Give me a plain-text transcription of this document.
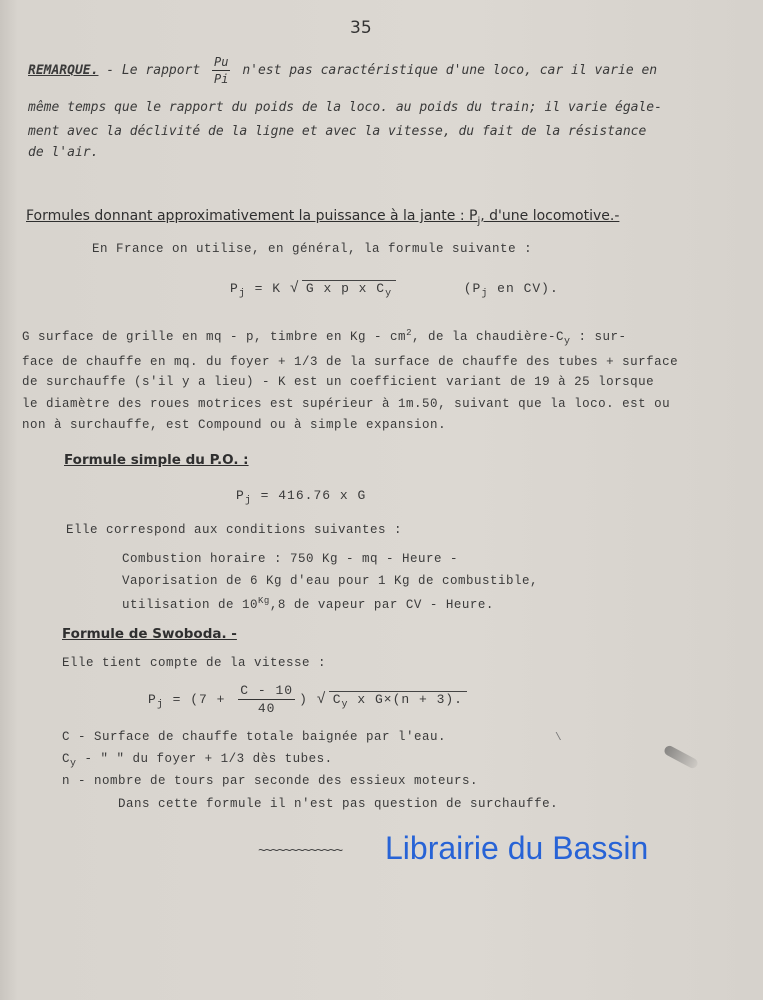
35
REMARQUE. - Le rapport $\frac{Pu}{Pi} n'est$ pas caractéristique d'une loco, car il varie en
même temps que le rapport du poids de la loco. au poids du train; il varie égale-
ment avec la déclivité de la ligne et avec la vitesse, du fait de la résistance
de l'air.
Formules donnant approximativement la puissance à la jante : $P_j$, d'une locomotive.-
En France on utilise, en général, la formule suivante :
$P_j = K$ √ G x p x $C_y$	($P_j$ en CV).
G surface de grille en mq - p, timbre en Kg - $cm^2$, de la chaudière-$C_y$ : sur-
face de chauffe en mq. du foyer + 1/3 de la surface de chauffe des tubes + surface
de surchauffe (s'il y a lieu) - K est un coefficient variant de 19 à 25 lorsque
le diamètre des roues motrices est supérieur à 1m.50, suivant que la loco. est ou
non à surchauffe, est Compound ou à simple expansion.
Formule simple du P.O. :
$P_j = 416.76$ x G
Elle correspond aux conditions suivantes :
Combustion horaire : 750 Kg - mq - Heure -
Vaporisation de 6 Kg d'eau pour 1 Kg de combustible,
utilisation de $10^{Kg},8$ de vapeur par CV - Heure.
Formule de Swoboda. -
Elle tient compte de la vitesse :
$P_j = (7 + \frac{C - 10}{40}$ ) √ $C_y$ x G×(n + 3).
C - Surface de chauffe totale baignée par l'eau.
$C_y$ - " " du foyer + 1/3 dès tubes.
n - nombre de tours par seconde des essieux moteurs.
Dans cette formule il n'est pas question de surchauffe.
\
~~~~~~~~~~~~~ Librairie du Bassin
